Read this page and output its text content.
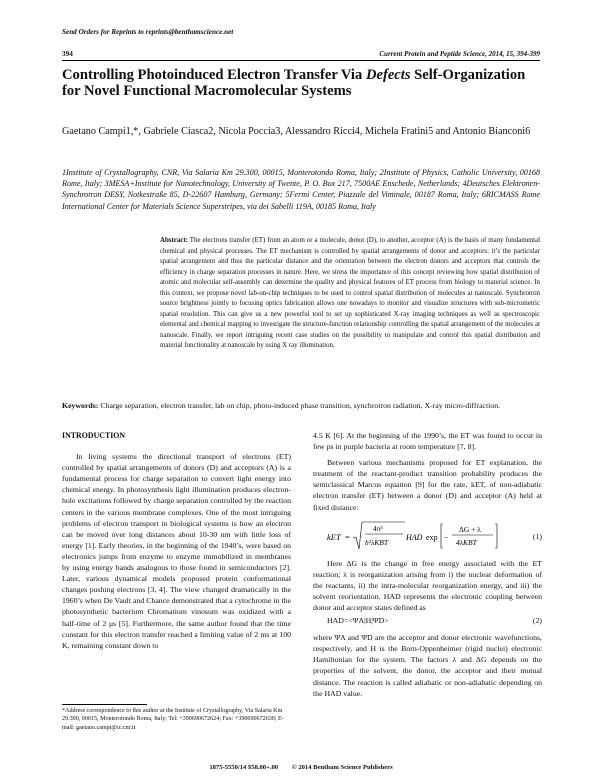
Send Orders for Reprints to reprints@benthamscience.net
394	Current Protein and Peptide Science, 2014, 15, 394-399
Controlling Photoinduced Electron Transfer Via Defects Self-Organization for Novel Functional Macromolecular Systems
Gaetano Campi1,*, Gabriele Ciasca2, Nicola Poccia3, Alessandro Ricci4, Michela Fratini5 and Antonio Bianconi6
1Institute of Crystallography, CNR, Via Salaria Km 29.300, 00015, Monterotondo Roma, Italy; 2Institute of Physics, Catholic University, 00168 Rome, Italy; 3MESA+Institute for Nanotechnology, University of Twente, P. O. Box 217, 7500AE Enschede, Netherlands; 4Deutsches Elektronen-Synchrotron DESY, Notkestraße 85, D-22607 Hamburg, Germany; 5Fermi Center, Piazzale del Viminale, 00187 Roma, Italy; 6RICMASS Rome International Center for Materials Science Superstripes, via dei Sabelli 119A, 00185 Roma, Italy
Abstract: The electrons transfer (ET) from an atom or a molecule, donor (D), to another, acceptor (A) is the basis of many fundamental chemical and physical processes. The ET mechanism is controlled by spatial arrangements of donor and acceptors: it’s the particular spatial arrangement and thus the particular distance and the orientation between the electron donors and acceptors that controls the efficiency in charge separation processes in nature. Here, we stress the importance of this concept reviewing how spatial distribution of atomic and molecular self-assembly can determine the quality and physical features of ET process from biology to material science. In this context, we propose novel lab-on-chip techniques to be used to control spatial distribution of molecules at nanoscale. Synchrotron source brightness jointly to focusing optics fabrication allows one nowadays to monitor and visualize structures with sub-micrometric spatial resolution. This can give us a new powerful tool to set up sophisticated X-ray imaging techniques as well as spectroscopic elemental and chemical mapping to investigate the structure-function relationship controlling the spatial arrangement of the molecules at nanoscale. Finally, we report intriguing recent case studies on the possibility to manipulate and control this spatial distribution and material functionality at nanoscale by using X ray illumination.
Keywords: Charge separation, electron transfer, lab on chip, photo-induced phase transition, synchrotron radiation, X-ray micro-diffraction.
INTRODUCTION

In living systems the directional transport of electrons (ET) controlled by spatial arrangements of donors (D) and acceptors (A) is a fundamental process for charge separation to convert light energy into chemical energy. In photosynthesis light illumination produces electron-hole excitations followed by charge separation controlled by the reaction centers in the various membrane complexes. One of the most intriguing problems of electron transport in biological systems is how an electron can be moved over long distances about 10-30 nm with little loss of energy [1]. Early theories, in the beginning of the 1940’s, were based on electronics jumps from enzyme to enzyme immobilized in membranes by using energy bands analogous to those found in semiconductors [2]. Later, various dynamical models proposed protein conformational changes pushing electrons [3, 4]. The view changed dramatically in the 1960’s when De Vault and Chance demonstrated that a cytochrome in the photosynthetic bacterium Chromatium vinosum was oxidized with a half-time of 2 μs [5]. Furthermore, the same author found that the time constant for this electron transfer reached a limiting value of 2 ms at 100 K, remaining constant down to

4.5 K [6]. At the beginning of the 1990’s, the ET was found to occur in few ps in purple bacteria at room temperature [7, 8].

Between various mechanisms proposed for ET explanation, the treatment of the reactant-product transition probability produces the semiclassical Marcus equation [9] for the rate, kET, of non-adiabatic electron transfer (ET) between a donor (D) and acceptor (A) held at fixed distance:

kET =
4π³
h²λKBT
HAD exp −
ΔG + λ
4λKBT
(1)

Here ΔG is the change in free energy associated with the ET reaction; λ is reorganization arising from i) the nuclear deformation of the reactants, ii) the intra-molecular reorganization energy, and iii) the solvent reorientation. HAD represents the electronic coupling between donor and acceptor states defined as

HAD=<ΨA|H|ΨD>	(2)

where ΨA and ΨD are the acceptor and donor electronic wavefunctions, respectively, and H is the Born-Oppenheimer (rigid nuclei) electronic Hamiltonian for the system. The factors λ and ΔG depends on the properties of the solvent, the donor, the acceptor and their mutual distance. The reaction is called adiabatic or non-adiabatic depending on the HAD value.

*Address correspondence to this author at the Institute of Crystallography, Via Salaria Km 29.300, 00015, Monterotondo Roma, Italy; Tel: +390690672624; Fax: +390690672630; E-mail: gaetano.campi@ic.cnr.it
1875-5550/14 $58.00+.00 © 2014 Bentham Science Publishers
